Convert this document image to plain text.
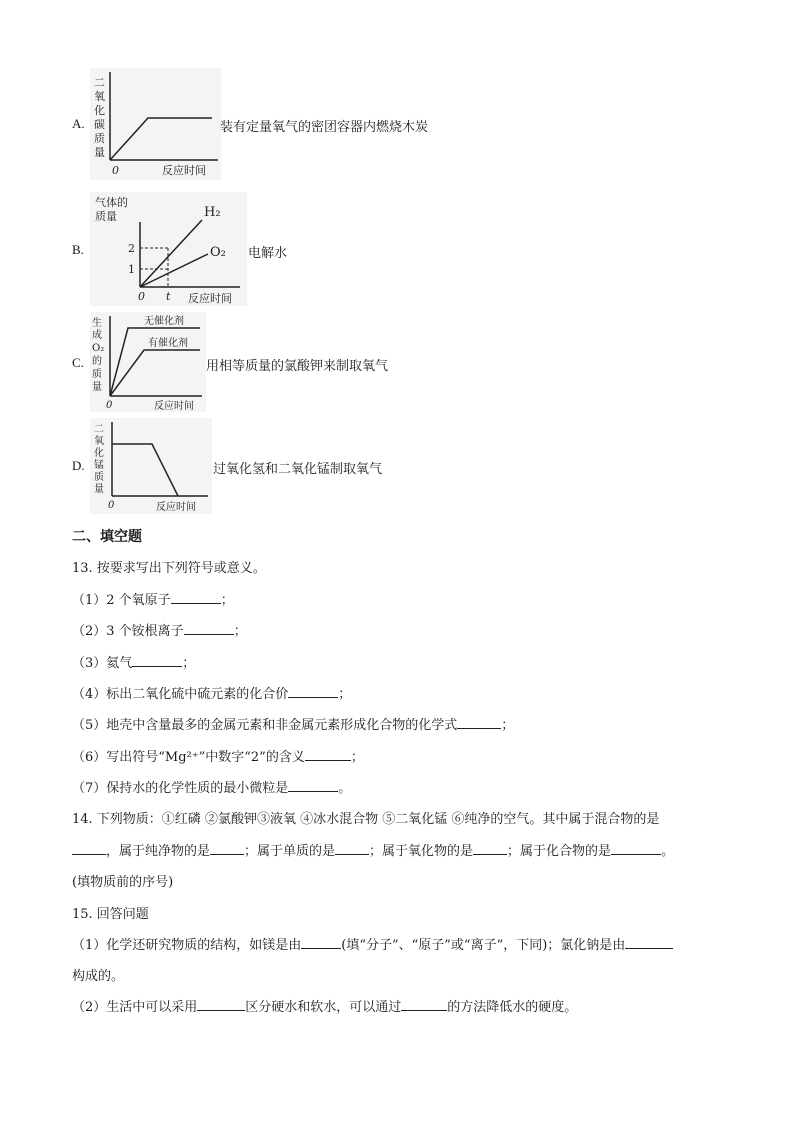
A.
二
氧
化
碳
质
量
0	反应时间
装有定量氧气的密团容器内燃烧木炭
B.
气体的
质量
2
1
H₂
O₂
0 t 反应时间
电解水
C.
生
成
O₂
的
质
量
无催化剂
有催化剂
0	反应时间
用相等质量的氯酸钾来制取氧气
D.
二
氧
化
锰
质
量
0	反应时间
过氧化氢和二氧化锰制取氧气
二、填空题
13. 按要求写出下列符号或意义。
（1）2 个氧原子	；
（2）3 个铵根离子	；
（3）氦气	；
（4）标出二氧化硫中硫元素的化合价	；
（5）地壳中含量最多的金属元素和非金属元素形成化合物的化学式	；
（6）写出符号“Mg²⁺”中数字“2”的含义	；
（7）保持水的化学性质的最小微粒是	。
14. 下列物质：①红磷 ②氯酸钾③液氧 ④冰水混合物 ⑤二氧化锰 ⑥纯净的空气。其中属于混合物的是
，属于纯净物的是	；属于单质的是	；属于氧化物的是	；属于化合物的是	。
(填物质前的序号)
15. 回答问题
（1）化学还研究物质的结构，如镁是由	(填“分子”、“原子”或“离子”，下同)；氯化钠是由
构成的。
（2）生活中可以采用	区分硬水和软水，可以通过	的方法降低水的硬度。
